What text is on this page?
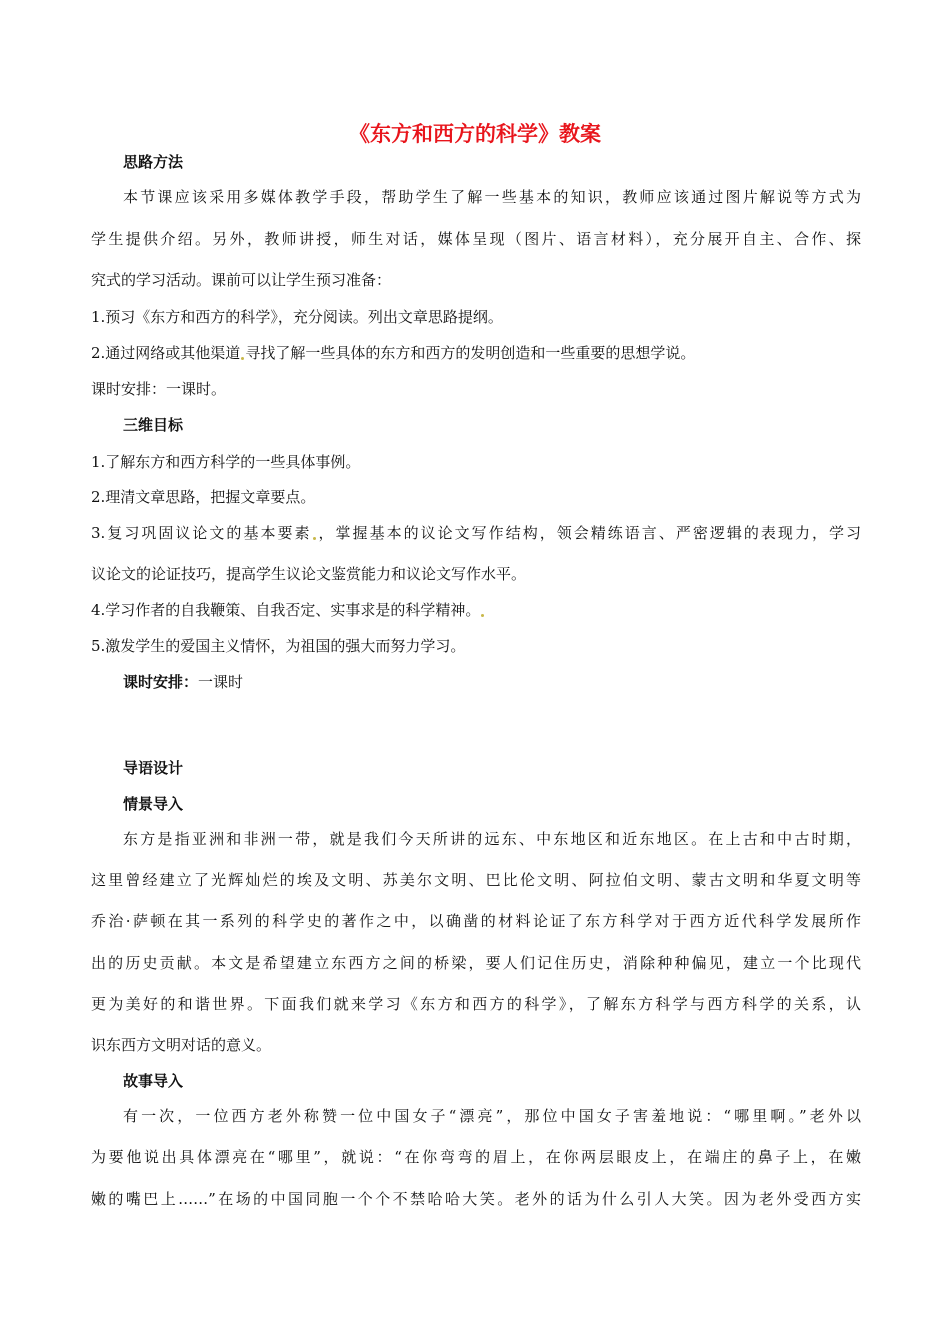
《东方和西方的科学》教案
思路方法
本节课应该采用多媒体教学手段，帮助学生了解一些基本的知识，教师应该通过图片解说等方式为
学生提供介绍。另外，教师讲授，师生对话，媒体呈现（图片、语言材料），充分展开自主、合作、探
究式的学习活动。课前可以让学生预习准备：
1.预习《东方和西方的科学》，充分阅读。列出文章思路提纲。
2.通过网络或其他渠道 寻找了解一些具体的东方和西方的发明创造和一些重要的思想学说。
课时安排：一课时。
三维目标
1.了解东方和西方科学的一些具体事例。
2.理清文章思路，把握文章要点。
3.复习巩固议论文的基本要素 ，掌握基本的议论文写作结构，领会精练语言、严密逻辑的表现力，学习
议论文的论证技巧，提高学生议论文鉴赏能力和议论文写作水平。
4.学习作者的自我鞭策、自我否定、实事求是的科学精神。
5.激发学生的爱国主义情怀，为祖国的强大而努力学习。
课时安排：一课时
导语设计
情景导入
东方是指亚洲和非洲一带，就是我们今天所讲的远东、中东地区和近东地区。在上古和中古时期，
这里曾经建立了光辉灿烂的埃及文明、苏美尔文明、巴比伦文明、阿拉伯文明、蒙古文明和华夏文明等
乔治·萨顿在其一系列的科学史的著作之中，以确凿的材料论证了东方科学对于西方近代科学发展所作
出的历史贡献。本文是希望建立东西方之间的桥梁，要人们记住历史，消除种种偏见，建立一个比现代
更为美好的和谐世界。下面我们就来学习《东方和西方的科学》，了解东方科学与西方科学的关系，认
识东西方文明对话的意义。
故事导入
有一次，一位西方老外称赞一位中国女子“漂亮”，那位中国女子害羞地说：“哪里啊。”老外以
为要他说出具体漂亮在“哪里”，就说：“在你弯弯的眉上，在你两层眼皮上，在端庄的鼻子上，在嫩
嫩的嘴巴上……”在场的中国同胞一个个不禁哈哈大笑。老外的话为什么引人大笑。因为老外受西方实
